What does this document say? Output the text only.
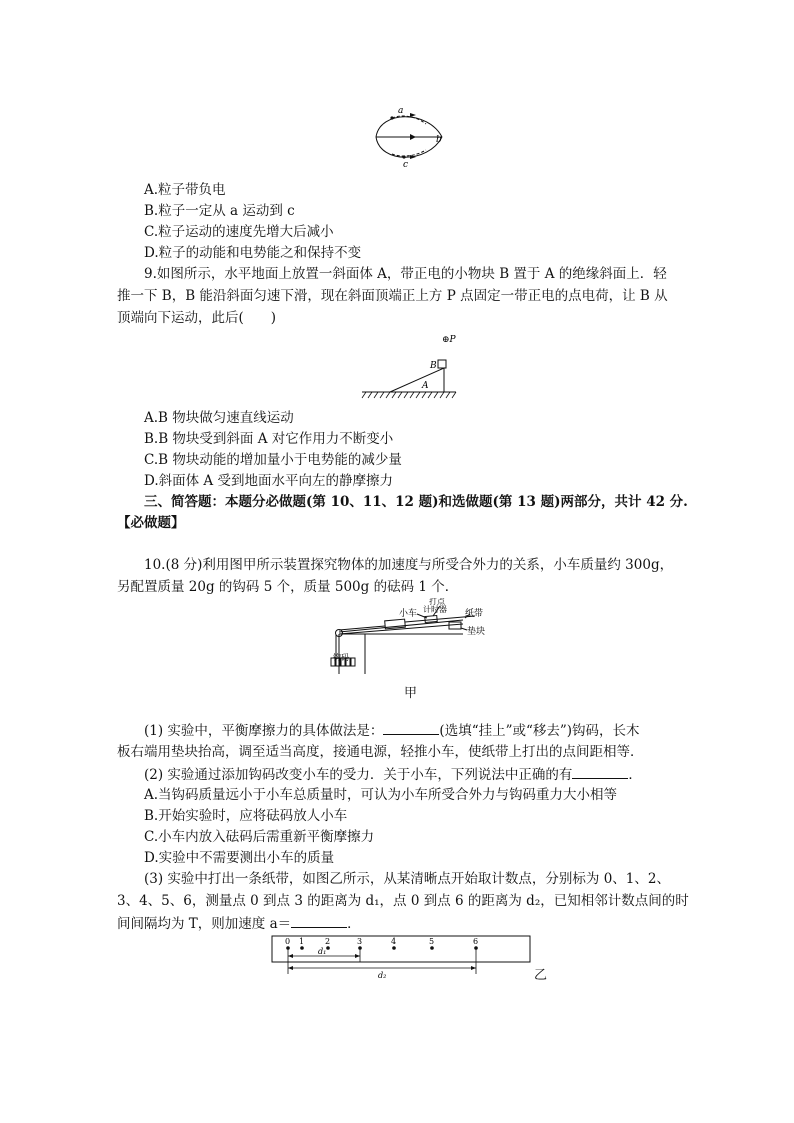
a
b
c
A.粒子带负电
B.粒子一定从 a 运动到 c
C.粒子运动的速度先增大后减小
D.粒子的动能和电势能之和保持不变
9.如图所示，水平地面上放置一斜面体 A，带正电的小物块 B 置于 A 的绝缘斜面上．轻
推一下 B，B 能沿斜面匀速下滑，现在斜面顶端正上方 P 点固定一带正电的点电荷，让 B 从
顶端向下运动，此后(　　)
⊕P
B
A
A.B 物块做匀速直线运动
B.B 物块受到斜面 A 对它作用力不断变小
C.B 物块动能的增加量小于电势能的减少量
D.斜面体 A 受到地面水平向左的静摩擦力
三、简答题：本题分必做题(第 10、11、12 题)和选做题(第 13 题)两部分，共计 42 分.
【必做题】
10.(8 分)利用图甲所示装置探究物体的加速度与所受合外力的关系，小车质量约 300g，
另配置质量 20g 的钩码 5 个，质量 500g 的砝码 1 个．
小车
打点计时器 纸带
垫块
钩码
甲
(1) 实验中，平衡摩擦力的具体做法是：	(选填“挂上”或“移去”)钩码，长木
板右端用垫块抬高，调至适当高度，接通电源，轻推小车，使纸带上打出的点间距相等．
(2) 实验通过添加钩码改变小车的受力．关于小车，下列说法中正确的有	．
A.当钩码质量远小于小车总质量时，可认为小车所受合外力与钩码重力大小相等
B.开始实验时，应将砝码放人小车
C.小车内放入砝码后需重新平衡摩擦力
D.实验中不需要测出小车的质量
(3) 实验中打出一条纸带，如图乙所示，从某清晰点开始取计数点，分别标为 0、1、2、
3、4、5、6，测量点 0 到点 3 的距离为 d₁，点 0 到点 6 的距离为 d₂，已知相邻计数点间的时
间间隔均为 T，则加速度 a＝	．
0 1	2	3	4	5	6
d₁
d₂	乙
